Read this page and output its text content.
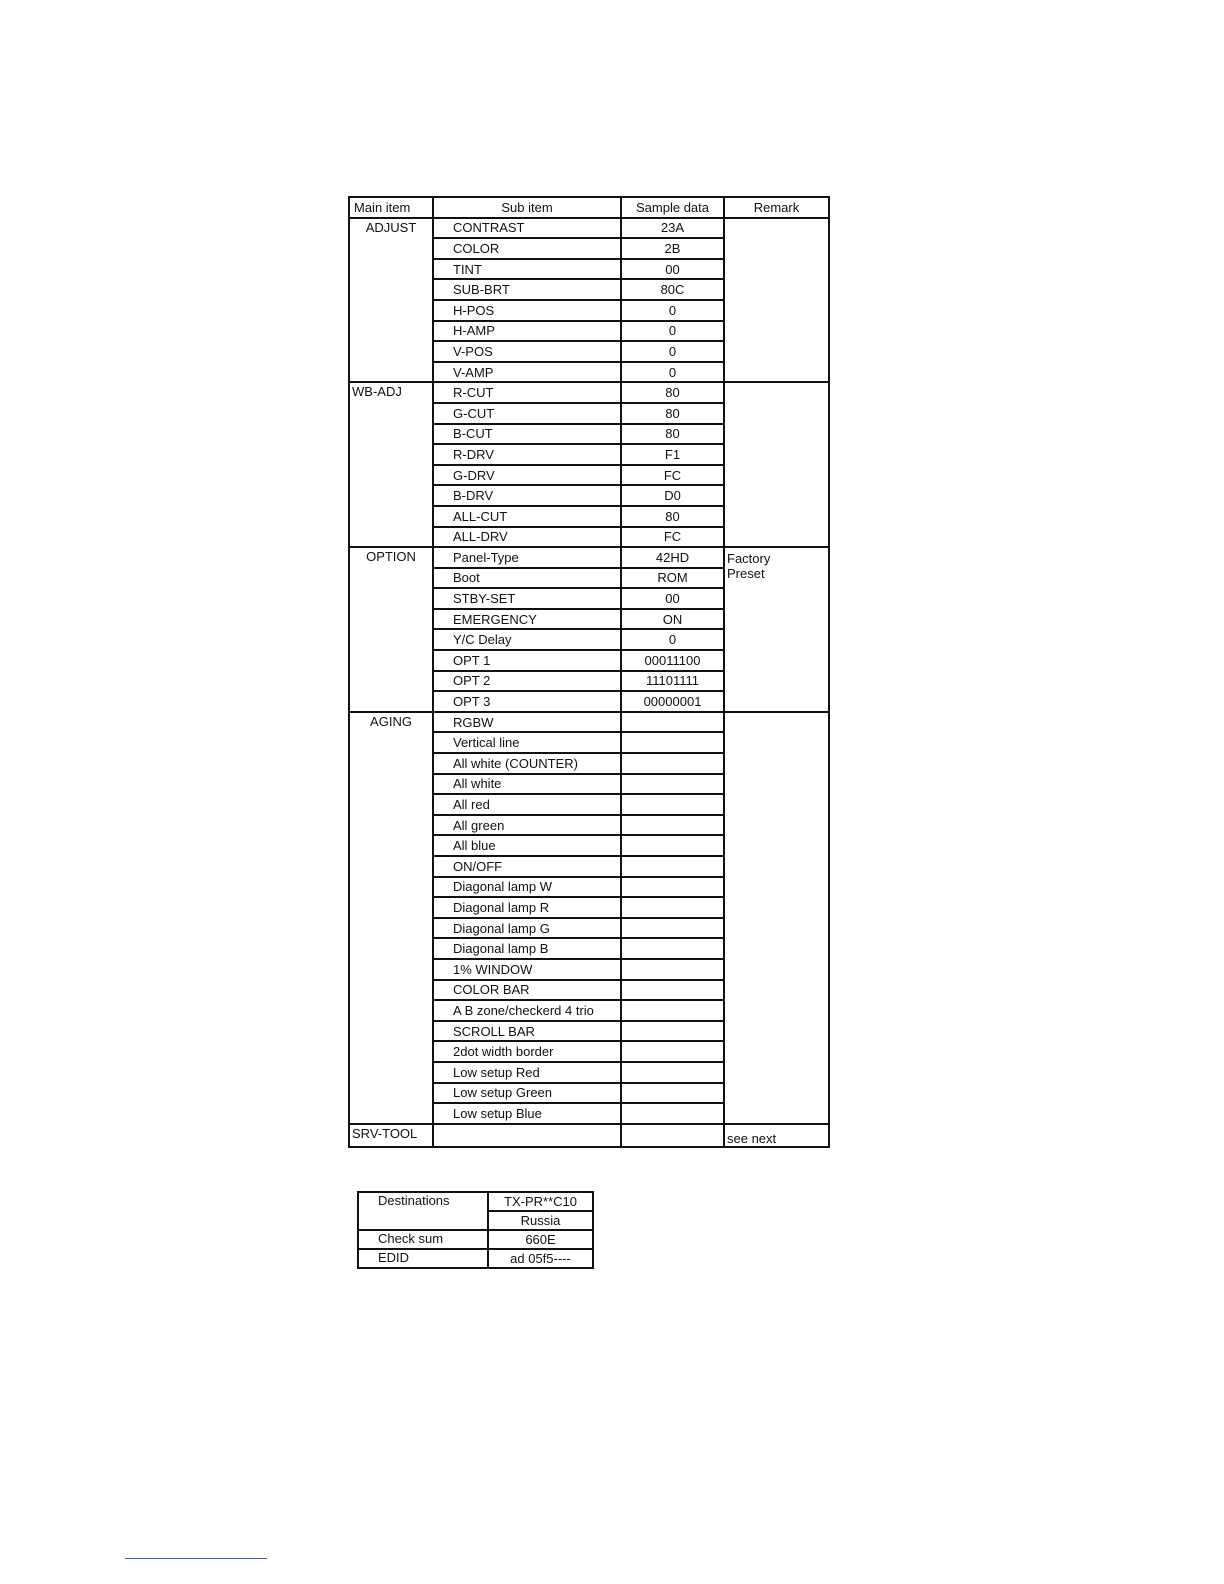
Main item	Sub item	Sample data	Remark
ADJUST	CONTRAST	23A	
	COLOR	2B	
	TINT	00	
	SUB-BRT	80C	
	H-POS	0	
	H-AMP	0	
	V-POS	0	
	V-AMP	0	
WB-ADJ	R-CUT	80	
	G-CUT	80	
	B-CUT	80	
	R-DRV	F1	
	G-DRV	FC	
	B-DRV	D0	
	ALL-CUT	80	
	ALL-DRV	FC	
OPTION	Panel-Type	42HD	Factory
Preset
	Boot	ROM	
	STBY-SET	00	
	EMERGENCY	ON	
	Y/C Delay	0	
	OPT 1	00011100	
	OPT 2	11101111	
	OPT 3	00000001	
AGING	RGBW		
	Vertical line		
	All white (COUNTER)		
	All white		
	All red		
	All green		
	All blue		
	ON/OFF		
	Diagonal lamp W		
	Diagonal lamp R		
	Diagonal lamp G		
	Diagonal lamp B		
	1% WINDOW		
	COLOR BAR		
	A B zone/checkerd 4 trio		
	SCROLL BAR		
	2dot width border		
	Low setup Red		
	Low setup Green		
	Low setup Blue		
SRV-TOOL			see next
Destinations	TX-PR**C10
	Russia
Check sum	660E
EDID	ad 05f5----
